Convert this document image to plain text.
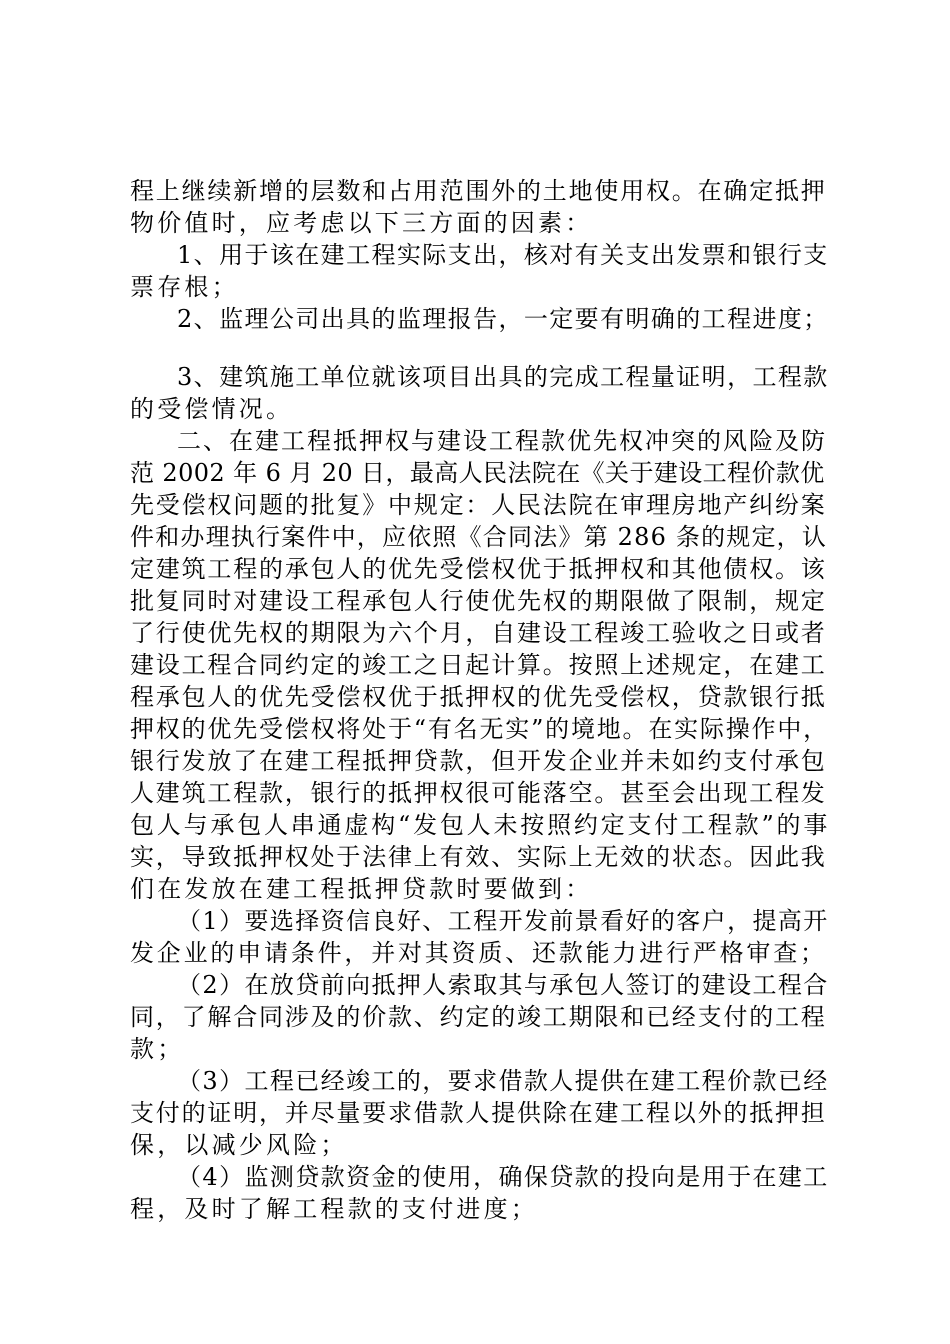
程上继续新增的层数和占用范围外的土地使用权。在确定抵押
物价值时，应考虑以下三方面的因素：
1、用于该在建工程实际支出，核对有关支出发票和银行支
票存根；
2、监理公司出具的监理报告，一定要有明确的工程进度；
3、建筑施工单位就该项目出具的完成工程量证明，工程款
的受偿情况。
二、在建工程抵押权与建设工程款优先权冲突的风险及防
范 2002 年 6 月 20 日，最高人民法院在《关于建设工程价款优
先受偿权问题的批复》中规定：人民法院在审理房地产纠纷案
件和办理执行案件中，应依照《合同法》第 286 条的规定，认
定建筑工程的承包人的优先受偿权优于抵押权和其他债权。该
批复同时对建设工程承包人行使优先权的期限做了限制，规定
了行使优先权的期限为六个月，自建设工程竣工验收之日或者
建设工程合同约定的竣工之日起计算。按照上述规定，在建工
程承包人的优先受偿权优于抵押权的优先受偿权，贷款银行抵
押权的优先受偿权将处于“有名无实”的境地。在实际操作中，
银行发放了在建工程抵押贷款，但开发企业并未如约支付承包
人建筑工程款，银行的抵押权很可能落空。甚至会出现工程发
包人与承包人串通虚构“发包人未按照约定支付工程款”的事
实，导致抵押权处于法律上有效、实际上无效的状态。因此我
们在发放在建工程抵押贷款时要做到：
（1）要选择资信良好、工程开发前景看好的客户，提高开
发企业的申请条件，并对其资质、还款能力进行严格审查；
（2）在放贷前向抵押人索取其与承包人签订的建设工程合
同，了解合同涉及的价款、约定的竣工期限和已经支付的工程
款；
（3）工程已经竣工的，要求借款人提供在建工程价款已经
支付的证明，并尽量要求借款人提供除在建工程以外的抵押担
保，以减少风险；
（4）监测贷款资金的使用，确保贷款的投向是用于在建工
程，及时了解工程款的支付进度；
